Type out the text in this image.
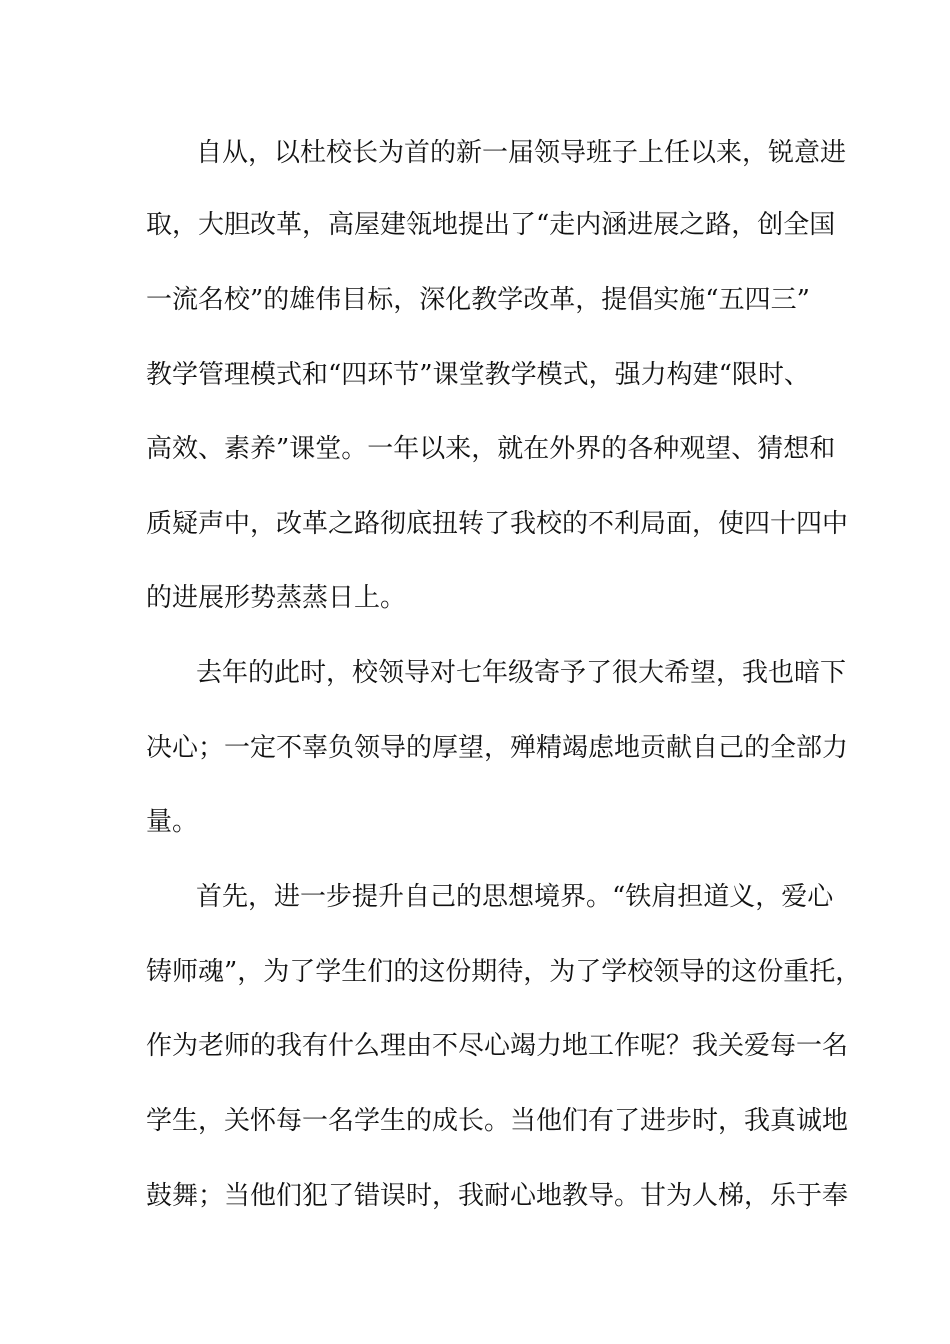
自从，以杜校长为首的新一届领导班子上任以来，锐意进
取，大胆改革，高屋建瓴地提出了“走内涵进展之路，创全国
一流名校”的雄伟目标，深化教学改革，提倡实施“五四三”
教学管理模式和“四环节”课堂教学模式，强力构建“限时、
高效、素养”课堂。一年以来，就在外界的各种观望、猜想和
质疑声中，改革之路彻底扭转了我校的不利局面，使四十四中
的进展形势蒸蒸日上。
去年的此时，校领导对七年级寄予了很大希望，我也暗下
决心；一定不辜负领导的厚望，殚精竭虑地贡献自己的全部力
量。
首先，进一步提升自己的思想境界。“铁肩担道义，爱心
铸师魂”，为了学生们的这份期待，为了学校领导的这份重托，
作为老师的我有什么理由不尽心竭力地工作呢？我关爱每一名
学生，关怀每一名学生的成长。当他们有了进步时，我真诚地
鼓舞；当他们犯了错误时，我耐心地教导。甘为人梯，乐于奉
